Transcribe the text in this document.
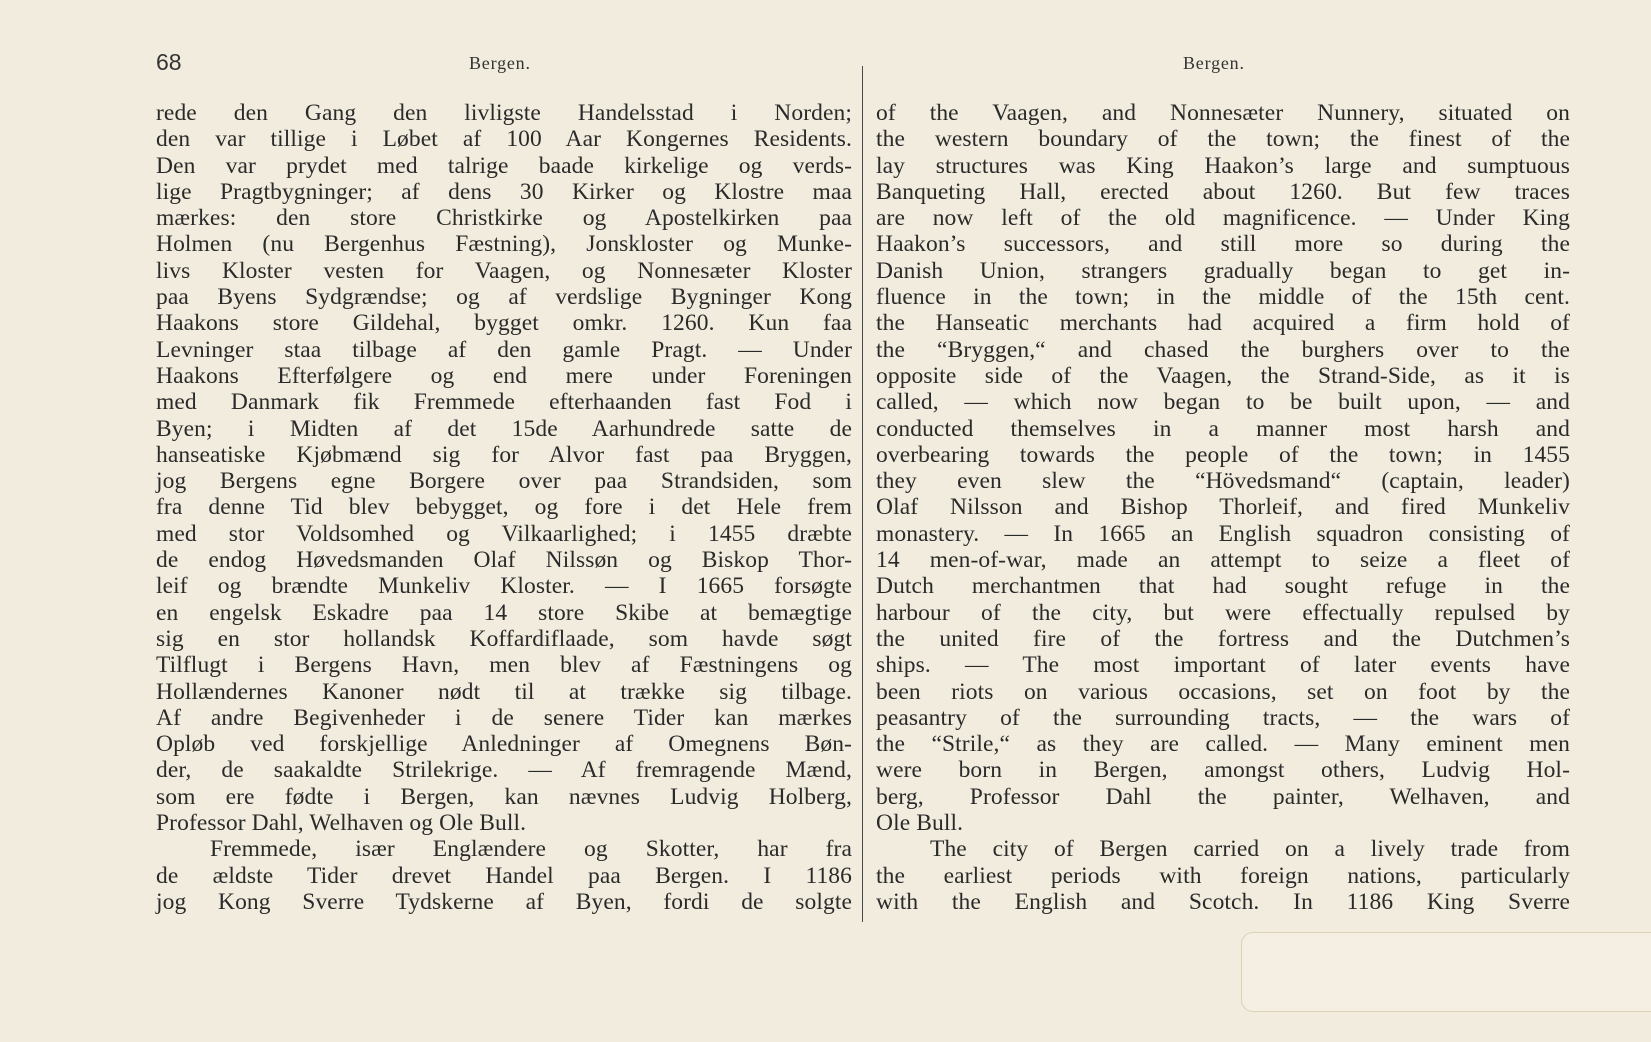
68	Bergen.	Bergen.
rede den Gang den livligste Handelsstad i Norden;
den var tillige i Løbet af 100 Aar Kongernes Residents.
Den var prydet med talrige baade kirkelige og verds-
lige Pragtbygninger; af dens 30 Kirker og Klostre maa
mærkes: den store Christkirke og Apostelkirken paa
Holmen (nu Bergenhus Fæstning), Jonskloster og Munke-
livs Kloster vesten for Vaagen, og Nonnesæter Kloster
paa Byens Sydgrændse; og af verdslige Bygninger Kong
Haakons store Gildehal, bygget omkr. 1260. Kun faa
Levninger staa tilbage af den gamle Pragt. — Under
Haakons Efterfølgere og end mere under Foreningen
med Danmark fik Fremmede efterhaanden fast Fod i
Byen; i Midten af det 15de Aarhundrede satte de
hanseatiske Kjøbmænd sig for Alvor fast paa Bryggen,
jog Bergens egne Borgere over paa Strandsiden, som
fra denne Tid blev bebygget, og fore i det Hele frem
med stor Voldsomhed og Vilkaarlighed; i 1455 dræbte
de endog Høvedsmanden Olaf Nilssøn og Biskop Thor-
leif og brændte Munkeliv Kloster. — I 1665 forsøgte
en engelsk Eskadre paa 14 store Skibe at bemægtige
sig en stor hollandsk Koffardiflaade, som havde søgt
Tilflugt i Bergens Havn, men blev af Fæstningens og
Hollændernes Kanoner nødt til at trække sig tilbage.
Af andre Begivenheder i de senere Tider kan mærkes
Opløb ved forskjellige Anledninger af Omegnens Bøn-
der, de saakaldte Strilekrige. — Af fremragende Mænd,
som ere fødte i Bergen, kan nævnes Ludvig Holberg,
Professor Dahl, Welhaven og Ole Bull.
Fremmede, især Englændere og Skotter, har fra
de ældste Tider drevet Handel paa Bergen. I 1186
jog Kong Sverre Tydskerne af Byen, fordi de solgte
of the Vaagen, and Nonnesæter Nunnery, situated on
the western boundary of the town; the finest of the
lay structures was King Haakon’s large and sumptuous
Banqueting Hall, erected about 1260. But few traces
are now left of the old magnificence. — Under King
Haakon’s successors, and still more so during the
Danish Union, strangers gradually began to get in-
fluence in the town; in the middle of the 15th cent.
the Hanseatic merchants had acquired a firm hold of
the “Bryggen,“ and chased the burghers over to the
opposite side of the Vaagen, the Strand-Side, as it is
called, — which now began to be built upon, — and
conducted themselves in a manner most harsh and
overbearing towards the people of the town; in 1455
they even slew the “Hövedsmand“ (captain, leader)
Olaf Nilsson and Bishop Thorleif, and fired Munkeliv
monastery. — In 1665 an English squadron consisting of
14 men-of-war, made an attempt to seize a fleet of
Dutch merchantmen that had sought refuge in the
harbour of the city, but were effectually repulsed by
the united fire of the fortress and the Dutchmen’s
ships. — The most important of later events have
been riots on various occasions, set on foot by the
peasantry of the surrounding tracts, — the wars of
the “Strile,“ as they are called. — Many eminent men
were born in Bergen, amongst others, Ludvig Hol-
berg, Professor Dahl the painter, Welhaven, and
Ole Bull.
The city of Bergen carried on a lively trade from
the earliest periods with foreign nations, particularly
with the English and Scotch. In 1186 King Sverre
